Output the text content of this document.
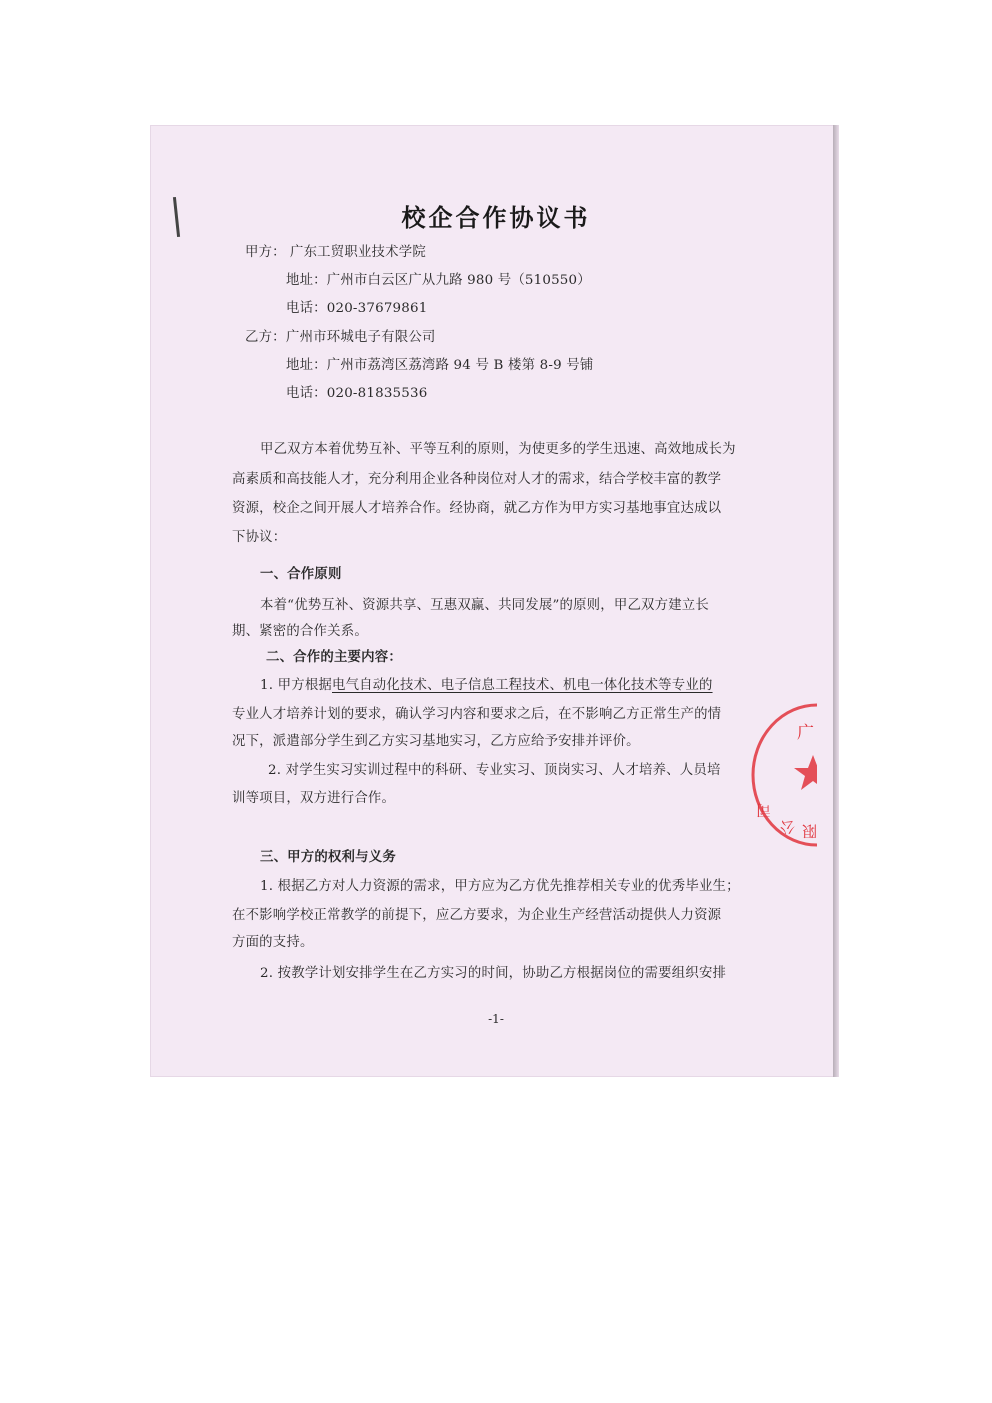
校企合作协议书
甲方： 广东工贸职业技术学院
地址：广州市白云区广从九路 980 号（510550）
电话：020-37679861
乙方： 广州市环城电子有限公司
地址：广州市荔湾区荔湾路 94 号 B 楼第 8-9 号铺
电话：020-81835536
甲乙双方本着优势互补、平等互利的原则，为使更多的学生迅速、高效地成长为
高素质和高技能人才，充分利用企业各种岗位对人才的需求，结合学校丰富的教学
资源，校企之间开展人才培养合作。经协商，就乙方作为甲方实习基地事宜达成以
下协议：
一、合作原则
本着“优势互补、资源共享、互惠双赢、共同发展”的原则，甲乙双方建立长
期、紧密的合作关系。
二、合作的主要内容：
1. 甲方根据电气自动化技术、电子信息工程技术、机电一体化技术等专业的
专业人才培养计划的要求，确认学习内容和要求之后，在不影响乙方正常生产的情
况下，派遣部分学生到乙方实习基地实习，乙方应给予安排并评价。
2. 对学生实习实训过程中的科研、专业实习、顶岗实习、人才培养、人员培
训等项目，双方进行合作。
三、甲方的权利与义务
1. 根据乙方对人力资源的需求，甲方应为乙方优先推荐相关专业的优秀毕业生；
在不影响学校正常教学的前提下，应乙方要求，为企业生产经营活动提供人力资源
方面的支持。
2. 按教学计划安排学生在乙方实习的时间，协助乙方根据岗位的需要组织安排
-1-
广
司
公 限
